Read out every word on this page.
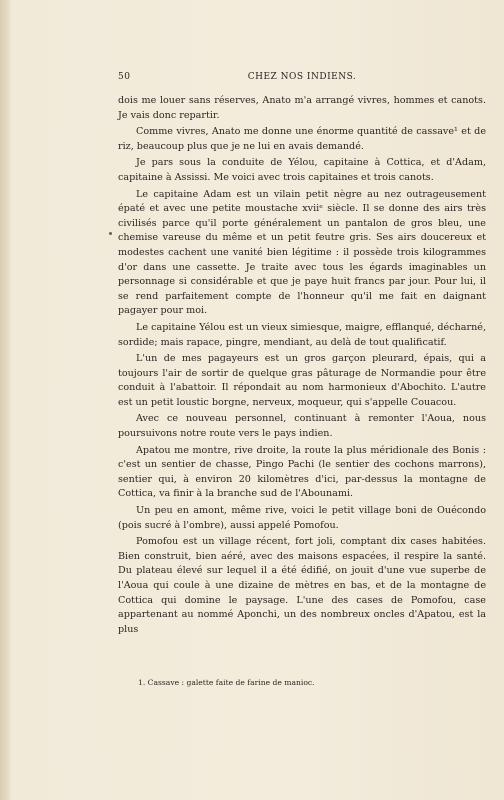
50	CHEZ NOS INDIENS.

dois me louer sans réserves, Anato m'a arrangé vivres, hommes et canots. Je vais donc repartir.

Comme vivres, Anato me donne une énorme quantité de cassave¹ et de riz, beaucoup plus que je ne lui en avais demandé.

Je pars sous la conduite de Yélou, capitaine à Cottica, et d'Adam, capitaine à Assissi. Me voici avec trois capitaines et trois canots.

Le capitaine Adam est un vilain petit nègre au nez outrageusement épaté et avec une petite moustache xviiᵉ siècle. Il se donne des airs très civilisés parce qu'il porte généralement un pantalon de gros bleu, une chemise vareuse du même et un petit feutre gris. Ses airs doucereux et modestes cachent une vanité bien légitime : il possède trois kilogrammes d'or dans une cassette. Je traite avec tous les égards imaginables un personnage si considérable et que je paye huit francs par jour. Pour lui, il se rend parfaitement compte de l'honneur qu'il me fait en daignant pagayer pour moi.

Le capitaine Yélou est un vieux simiesque, maigre, efflanqué, décharné, sordide; mais rapace, pingre, mendiant, au delà de tout qualificatif.

L'un de mes pagayeurs est un gros garçon pleurard, épais, qui a toujours l'air de sortir de quelque gras pâturage de Normandie pour être conduit à l'abattoir. Il répondait au nom harmonieux d'Abochito. L'autre est un petit loustic borgne, nerveux, moqueur, qui s'appelle Couacou.

Avec ce nouveau personnel, continuant à remonter l'Aoua, nous poursuivons notre route vers le pays indien.

Apatou me montre, rive droite, la route la plus méridionale des Bonis : c'est un sentier de chasse, Pingo Pachi (le sentier des cochons marrons), sentier qui, à environ 20 kilomètres d'ici, par-dessus la montagne de Cottica, va finir à la branche sud de l'Abounami.

Un peu en amont, même rive, voici le petit village boni de Ouécondo (pois sucré à l'ombre), aussi appelé Pomofou.

Pomofou est un village récent, fort joli, comptant dix cases habitées. Bien construit, bien aéré, avec des maisons espacées, il respire la santé. Du plateau élevé sur lequel il a été édifié, on jouit d'une vue superbe de l'Aoua qui coule à une dizaine de mètres en bas, et de la montagne de Cottica qui domine le paysage. L'une des cases de Pomofou, case appartenant au nommé Aponchi, un des nombreux oncles d'Apatou, est la plus

1. Cassave : galette faite de farine de manioc.
